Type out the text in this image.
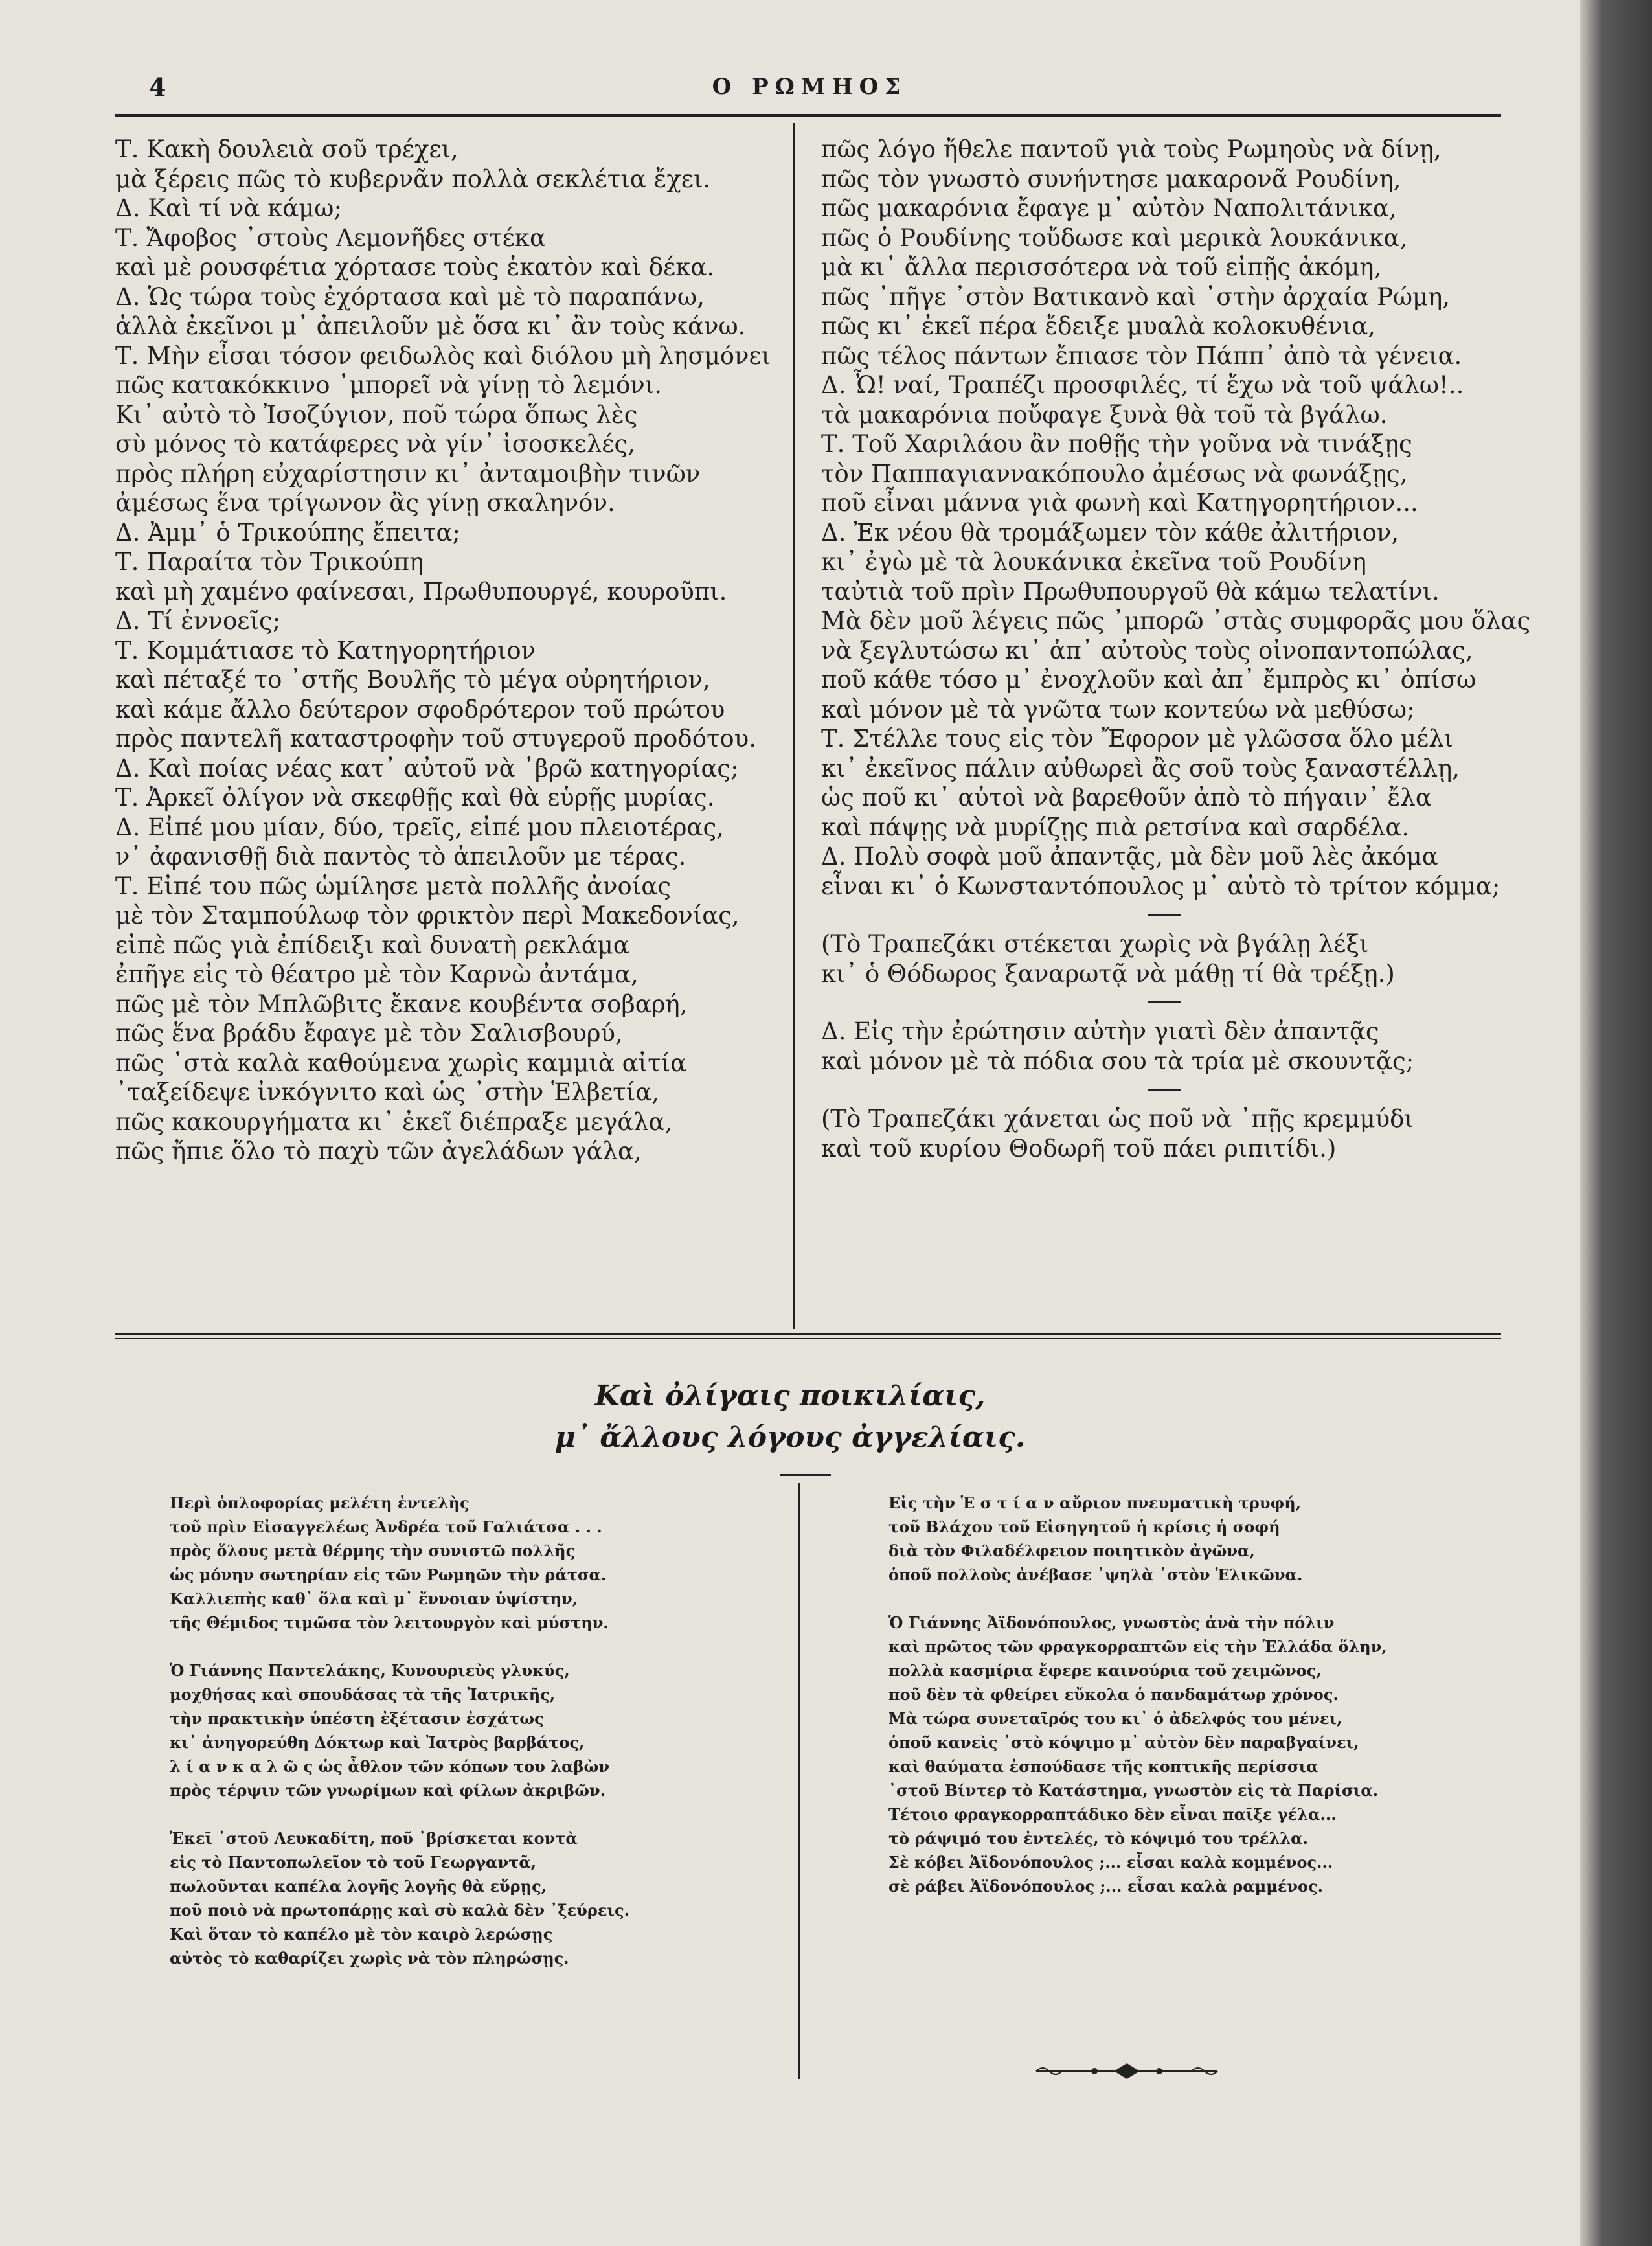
4	Ο ΡΩΜΗΟΣ
Τ. Κακὴ δουλειὰ σοῦ τρέχει,
μὰ ξέρεις πῶς τὸ κυβερνᾶν πολλὰ σεκλέτια ἔχει.
Δ. Καὶ τί νὰ κάμω;
Τ. Ἄφοβος ᾿στοὺς Λεμονῆδες στέκα
καὶ μὲ ρουσφέτια χόρτασε τοὺς ἑκατὸν καὶ δέκα.
Δ. Ὡς τώρα τοὺς ἐχόρτασα καὶ μὲ τὸ παραπάνω,
ἀλλὰ ἐκεῖνοι μ᾿ ἀπειλοῦν μὲ ὅσα κι᾿ ἂν τοὺς κάνω.
Τ. Μὴν εἶσαι τόσον φειδωλὸς καὶ διόλου μὴ λησμόνει
πῶς κατακόκκινο ᾿μπορεῖ νὰ γίνῃ τὸ λεμόνι.
Κι᾿ αὐτὸ τὸ Ἰσοζύγιον, ποῦ τώρα ὅπως λὲς
σὺ μόνος τὸ κατάφερες νὰ γίν᾿ ἰσοσκελές,
πρὸς πλήρη εὐχαρίστησιν κι᾿ ἀνταμοιβὴν τινῶν
ἀμέσως ἕνα τρίγωνον ἂς γίνῃ σκαληνόν.
Δ. Ἀμμ᾿ ὁ Τρικούπης ἔπειτα;
Τ. Παραίτα τὸν Τρικούπη
καὶ μὴ χαμένο φαίνεσαι, Πρωθυπουργέ, κουροῦπι.
Δ. Τί ἐννοεῖς;
Τ. Κομμάτιασε τὸ Κατηγορητήριον
καὶ πέταξέ το ᾿στῆς Βουλῆς τὸ μέγα οὐρητήριον,
καὶ κάμε ἄλλο δεύτερον σφοδρότερον τοῦ πρώτου
πρὸς παντελῆ καταστροφὴν τοῦ στυγεροῦ προδότου.
Δ. Καὶ ποίας νέας κατ᾿ αὐτοῦ νὰ ᾿βρῶ κατηγορίας;
Τ. Ἀρκεῖ ὀλίγον νὰ σκεφθῇς καὶ θὰ εὑρῇς μυρίας.
Δ. Εἰπέ μου μίαν, δύο, τρεῖς, εἰπέ μου πλειοτέρας,
ν᾿ ἀφανισθῇ διὰ παντὸς τὸ ἀπειλοῦν με τέρας.
Τ. Εἰπέ του πῶς ὡμίλησε μετὰ πολλῆς ἀνοίας
μὲ τὸν Σταμπούλωφ τὸν φρικτὸν περὶ Μακεδονίας,
εἰπὲ πῶς γιὰ ἐπίδειξι καὶ δυνατὴ ρεκλάμα
ἐπῆγε εἰς τὸ θέατρο μὲ τὸν Καρνὼ ἀντάμα,
πῶς μὲ τὸν Μπλῶβιτς ἔκανε κουβέντα σοβαρή,
πῶς ἕνα βράδυ ἔφαγε μὲ τὸν Σαλισβουρύ,
πῶς ᾿στὰ καλὰ καθούμενα χωρὶς καμμιὰ αἰτία
᾿ταξείδεψε ἰνκόγνιτο καὶ ὡς ᾿στὴν Ἑλβετία,
πῶς κακουργήματα κι᾿ ἐκεῖ διέπραξε μεγάλα,
πῶς ἤπιε ὅλο τὸ παχὺ τῶν ἀγελάδων γάλα,
πῶς λόγο ἤθελε παντοῦ γιὰ τοὺς Ρωμηοὺς νὰ δίνῃ,
πῶς τὸν γνωστὸ συνήντησε μακαρονᾶ Ρουδίνη,
πῶς μακαρόνια ἔφαγε μ᾿ αὐτὸν Ναπολιτάνικα,
πῶς ὁ Ρουδίνης τοὔδωσε καὶ μερικὰ λουκάνικα,
μὰ κι᾿ ἄλλα περισσότερα νὰ τοῦ εἰπῇς ἀκόμη,
πῶς ᾿πῆγε ᾿στὸν Βατικανὸ καὶ ᾿στὴν ἀρχαία Ρώμη,
πῶς κι᾿ ἐκεῖ πέρα ἔδειξε μυαλὰ κολοκυθένια,
πῶς τέλος πάντων ἔπιασε τὸν Πάππ᾿ ἀπὸ τὰ γένεια.
Δ. Ὦ! ναί, Τραπέζι προσφιλές, τί ἔχω νὰ τοῦ ψάλω!..
τὰ μακαρόνια ποὔφαγε ξυνὰ θὰ τοῦ τὰ βγάλω.
Τ. Τοῦ Χαριλάου ἂν ποθῇς τὴν γοῦνα νὰ τινάξῃς
τὸν Παππαγιαννακόπουλο ἀμέσως νὰ φωνάξῃς,
ποῦ εἶναι μάννα γιὰ φωνὴ καὶ Κατηγορητήριον...
Δ. Ἐκ νέου θὰ τρομάξωμεν τὸν κάθε ἀλιτήριον,
κι᾿ ἐγὼ μὲ τὰ λουκάνικα ἐκεῖνα τοῦ Ρουδίνη
ταὐτιὰ τοῦ πρὶν Πρωθυπουργοῦ θὰ κάμω τελατίνι.
Μὰ δὲν μοῦ λέγεις πῶς ᾿μπορῶ ᾿στὰς συμφορᾶς μου ὅλας
νὰ ξεγλυτώσω κι᾿ ἀπ᾿ αὐτοὺς τοὺς οἰνοπαντοπώλας,
ποῦ κάθε τόσο μ᾿ ἐνοχλοῦν καὶ ἀπ᾿ ἔμπρὸς κι᾿ ὀπίσω
καὶ μόνον μὲ τὰ γνῶτα των κοντεύω νὰ μεθύσω;
Τ. Στέλλε τους εἰς τὸν Ἔφορον μὲ γλῶσσα ὅλο μέλι
κι᾿ ἐκεῖνος πάλιν αὐθωρεὶ ἂς σοῦ τοὺς ξαναστέλλῃ,
ὡς ποῦ κι᾿ αὐτοὶ νὰ βαρεθοῦν ἀπὸ τὸ πήγαιν᾿ ἔλα
καὶ πάψῃς νὰ μυρίζῃς πιὰ ρετσίνα καὶ σαρδέλα.
Δ. Πολὺ σοφὰ μοῦ ἀπαντᾷς, μὰ δὲν μοῦ λὲς ἀκόμα
εἶναι κι᾿ ὁ Κωνσταντόπουλος μ᾿ αὐτὸ τὸ τρίτον κόμμα;
(Τὸ Τραπεζάκι στέκεται χωρὶς νὰ βγάλῃ λέξι
κι᾿ ὁ Θόδωρος ξαναρωτᾷ νὰ μάθῃ τί θὰ τρέξῃ.)
Δ. Εἰς τὴν ἐρώτησιν αὐτὴν γιατὶ δὲν ἀπαντᾷς
καὶ μόνον μὲ τὰ πόδια σου τὰ τρία μὲ σκουντᾷς;
(Τὸ Τραπεζάκι χάνεται ὡς ποῦ νὰ ᾿πῇς κρεμμύδι
καὶ τοῦ κυρίου Θοδωρῆ τοῦ πάει ριπιτίδι.)
Καὶ ὀλίγαις ποικιλίαις,
μ᾿ ἄλλους λόγους ἀγγελίαις.
Περὶ ὁπλοφορίας μελέτη ἐντελὴς
τοῦ πρὶν Εἰσαγγελέως Ἀνδρέα τοῦ Γαλιάτσα . . .
πρὸς ὅλους μετὰ θέρμης τὴν συνιστῶ πολλῆς
ὡς μόνην σωτηρίαν εἰς τῶν Ρωμηῶν τὴν ράτσα.
Καλλιεπὴς καθ᾿ ὅλα καὶ μ᾿ ἔννοιαν ὑψίστην,
τῆς Θέμιδος τιμῶσα τὸν λειτουργὸν καὶ μύστην.
Ὁ Γιάννης Παντελάκης, Κυνουριεὺς γλυκύς,
μοχθήσας καὶ σπουδάσας τὰ τῆς Ἰατρικῆς,
τὴν πρακτικὴν ὑπέστη ἐξέτασιν ἐσχάτως
κι᾿ ἀνηγορεύθη Δόκτωρ καὶ Ἰατρὸς βαρβάτος,
λ ί α ν κ α λ ῶ ς ὡς ἆθλον τῶν κόπων του λαβὼν
πρὸς τέρψιν τῶν γνωρίμων καὶ φίλων ἀκριβῶν.
Ἐκεῖ ᾿στοῦ Λευκαδίτη, ποῦ ᾿βρίσκεται κοντὰ
εἰς τὸ Παντοπωλεῖον τὸ τοῦ Γεωργαντᾶ,
πωλοῦνται καπέλα λογῆς λογῆς θὰ εὕρῃς,
ποῦ ποιὸ νὰ πρωτοπάρῃς καὶ σὺ καλὰ δὲν ᾿ξεύρεις.
Καὶ ὅταν τὸ καπέλο μὲ τὸν καιρὸ λερώσῃς
αὐτὸς τὸ καθαρίζει χωρὶς νὰ τὸν πληρώσῃς.
Εἰς τὴν Ἑ σ τ ί α ν αὔριον πνευματικὴ τρυφή,
τοῦ Βλάχου τοῦ Εἰσηγητοῦ ἡ κρίσις ἡ σοφή
διὰ τὸν Φιλαδέλφειον ποιητικὸν ἀγῶνα,
ὁποῦ πολλοὺς ἀνέβασε ᾿ψηλὰ ᾿στὸν Ἑλικῶνα.
Ὁ Γιάννης Ἀϊδονόπουλος, γνωστὸς ἀνὰ τὴν πόλιν
καὶ πρῶτος τῶν φραγκορραπτῶν εἰς τὴν Ἑλλάδα ὅλην,
πολλὰ κασμίρια ἔφερε καινούρια τοῦ χειμῶνος,
ποῦ δὲν τὰ φθείρει εὔκολα ὁ πανδαμάτωρ χρόνος.
Μὰ τώρα συνεταῖρός του κι᾿ ὁ ἀδελφός του μένει,
ὁποῦ κανεὶς ᾿στὸ κόψιμο μ᾿ αὐτὸν δὲν παραβγαίνει,
καὶ θαύματα ἐσπούδασε τῆς κοπτικῆς περίσσια
᾿στοῦ Βίντερ τὸ Κατάστημα, γνωστὸν εἰς τὰ Παρίσια.
Τέτοιο φραγκορραπτάδικο δὲν εἶναι παῖξε γέλα...
τὸ ράψιμό του ἐντελές, τὸ κόψιμό του τρέλλα.
Σὲ κόβει Ἀϊδονόπουλος ;... εἶσαι καλὰ κομμένος...
σὲ ράβει Ἀϊδονόπουλος ;... εἶσαι καλὰ ραμμένος.
